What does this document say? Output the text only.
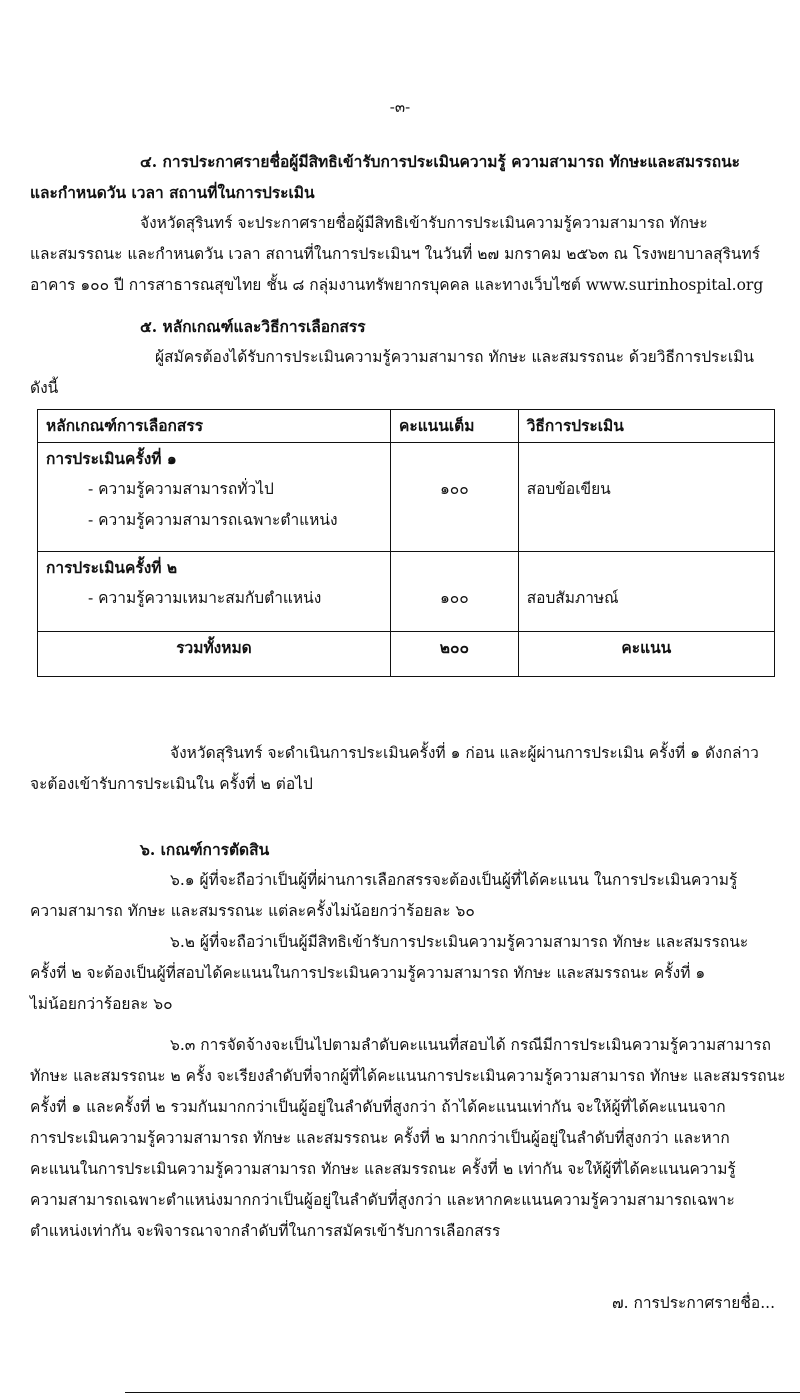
-๓-
๔. การประกาศรายชื่อผู้มีสิทธิเข้ารับการประเมินความรู้ ความสามารถ ทักษะและสมรรถนะ
และกำหนดวัน เวลา สถานที่ในการประเมิน
จังหวัดสุรินทร์ จะประกาศรายชื่อผู้มีสิทธิเข้ารับการประเมินความรู้ความสามารถ ทักษะ
และสมรรถนะ และกำหนดวัน เวลา สถานที่ในการประเมินฯ ในวันที่ ๒๗ มกราคม ๒๕๖๓ ณ โรงพยาบาลสุรินทร์
อาคาร ๑๐๐ ปี การสาธารณสุขไทย ชั้น ๘ กลุ่มงานทรัพยากรบุคคล และทางเว็บไซต์ www.surinhospital.org
๕. หลักเกณฑ์และวิธีการเลือกสรร
ผู้สมัครต้องได้รับการประเมินความรู้ความสามารถ ทักษะ และสมรรถนะ ด้วยวิธีการประเมิน
ดังนี้
หลักเกณฑ์การเลือกสรร	คะแนนเต็ม	วิธีการประเมิน

การประเมินครั้งที่ ๑
- ความรู้ความสามารถทั่วไป
- ความรู้ความสามารถเฉพาะตำแหน่ง	๑๐๐	สอบข้อเขียน

การประเมินครั้งที่ ๒
- ความรู้ความเหมาะสมกับตำแหน่ง	๑๐๐	สอบสัมภาษณ์
รวมทั้งหมด	๒๐๐	คะแนน
จังหวัดสุรินทร์ จะดำเนินการประเมินครั้งที่ ๑ ก่อน และผู้ผ่านการประเมิน ครั้งที่ ๑ ดังกล่าว
จะต้องเข้ารับการประเมินใน ครั้งที่ ๒ ต่อไป
๖. เกณฑ์การตัดสิน
๖.๑ ผู้ที่จะถือว่าเป็นผู้ที่ผ่านการเลือกสรรจะต้องเป็นผู้ที่ได้คะแนน ในการประเมินความรู้
ความสามารถ ทักษะ และสมรรถนะ แต่ละครั้งไม่น้อยกว่าร้อยละ ๖๐
๖.๒ ผู้ที่จะถือว่าเป็นผู้มีสิทธิเข้ารับการประเมินความรู้ความสามารถ ทักษะ และสมรรถนะ
ครั้งที่ ๒ จะต้องเป็นผู้ที่สอบได้คะแนนในการประเมินความรู้ความสามารถ ทักษะ และสมรรถนะ ครั้งที่ ๑
ไม่น้อยกว่าร้อยละ ๖๐
๖.๓ การจัดจ้างจะเป็นไปตามลำดับคะแนนที่สอบได้ กรณีมีการประเมินความรู้ความสามารถ
ทักษะ และสมรรถนะ ๒ ครั้ง จะเรียงลำดับที่จากผู้ที่ได้คะแนนการประเมินความรู้ความสามารถ ทักษะ และสมรรถนะ
ครั้งที่ ๑ และครั้งที่ ๒ รวมกันมากกว่าเป็นผู้อยู่ในลำดับที่สูงกว่า ถ้าได้คะแนนเท่ากัน จะให้ผู้ที่ได้คะแนนจาก
การประเมินความรู้ความสามารถ ทักษะ และสมรรถนะ ครั้งที่ ๒ มากกว่าเป็นผู้อยู่ในลำดับที่สูงกว่า และหาก
คะแนนในการประเมินความรู้ความสามารถ ทักษะ และสมรรถนะ ครั้งที่ ๒ เท่ากัน จะให้ผู้ที่ได้คะแนนความรู้
ความสามารถเฉพาะตำแหน่งมากกว่าเป็นผู้อยู่ในลำดับที่สูงกว่า และหากคะแนนความรู้ความสามารถเฉพาะ
ตำแหน่งเท่ากัน จะพิจารณาจากลำดับที่ในการสมัครเข้ารับการเลือกสรร
๗. การประกาศรายชื่อ...
